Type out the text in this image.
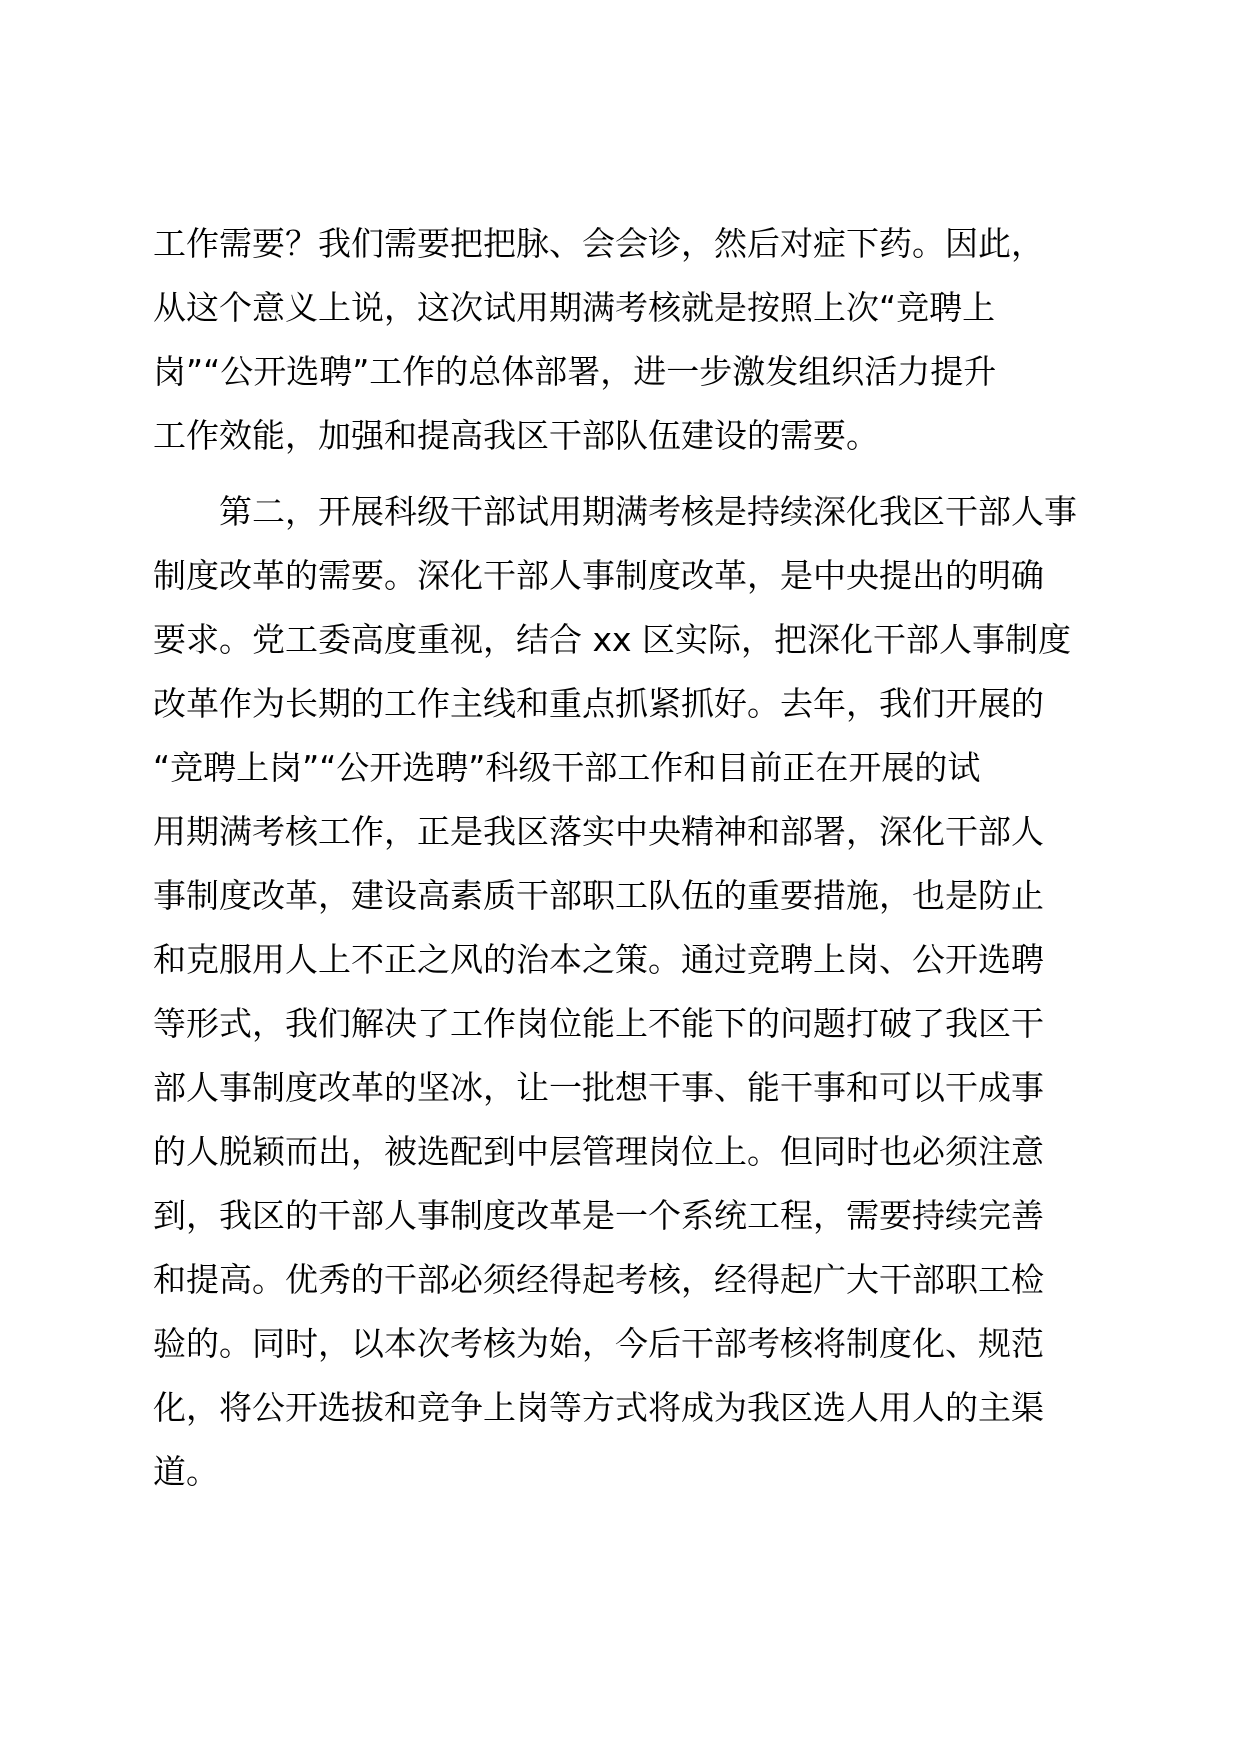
工作需要？我们需要把把脉、会会诊，然后对症下药。因此，
从这个意义上说，这次试用期满考核就是按照上次“竞聘上
岗”“公开选聘”工作的总体部署，进一步激发组织活力提升
工作效能，加强和提高我区干部队伍建设的需要。
　　第二，开展科级干部试用期满考核是持续深化我区干部人事
制度改革的需要。深化干部人事制度改革，是中央提出的明确
要求。党工委高度重视，结合 xx 区实际，把深化干部人事制度
改革作为长期的工作主线和重点抓紧抓好。去年，我们开展的
“竞聘上岗”“公开选聘”科级干部工作和目前正在开展的试
用期满考核工作，正是我区落实中央精神和部署，深化干部人
事制度改革，建设高素质干部职工队伍的重要措施，也是防止
和克服用人上不正之风的治本之策。通过竞聘上岗、公开选聘
等形式，我们解决了工作岗位能上不能下的问题打破了我区干
部人事制度改革的坚冰，让一批想干事、能干事和可以干成事
的人脱颖而出，被选配到中层管理岗位上。但同时也必须注意
到，我区的干部人事制度改革是一个系统工程，需要持续完善
和提高。优秀的干部必须经得起考核，经得起广大干部职工检
验的。同时，以本次考核为始，今后干部考核将制度化、规范
化，将公开选拔和竞争上岗等方式将成为我区选人用人的主渠
道。
